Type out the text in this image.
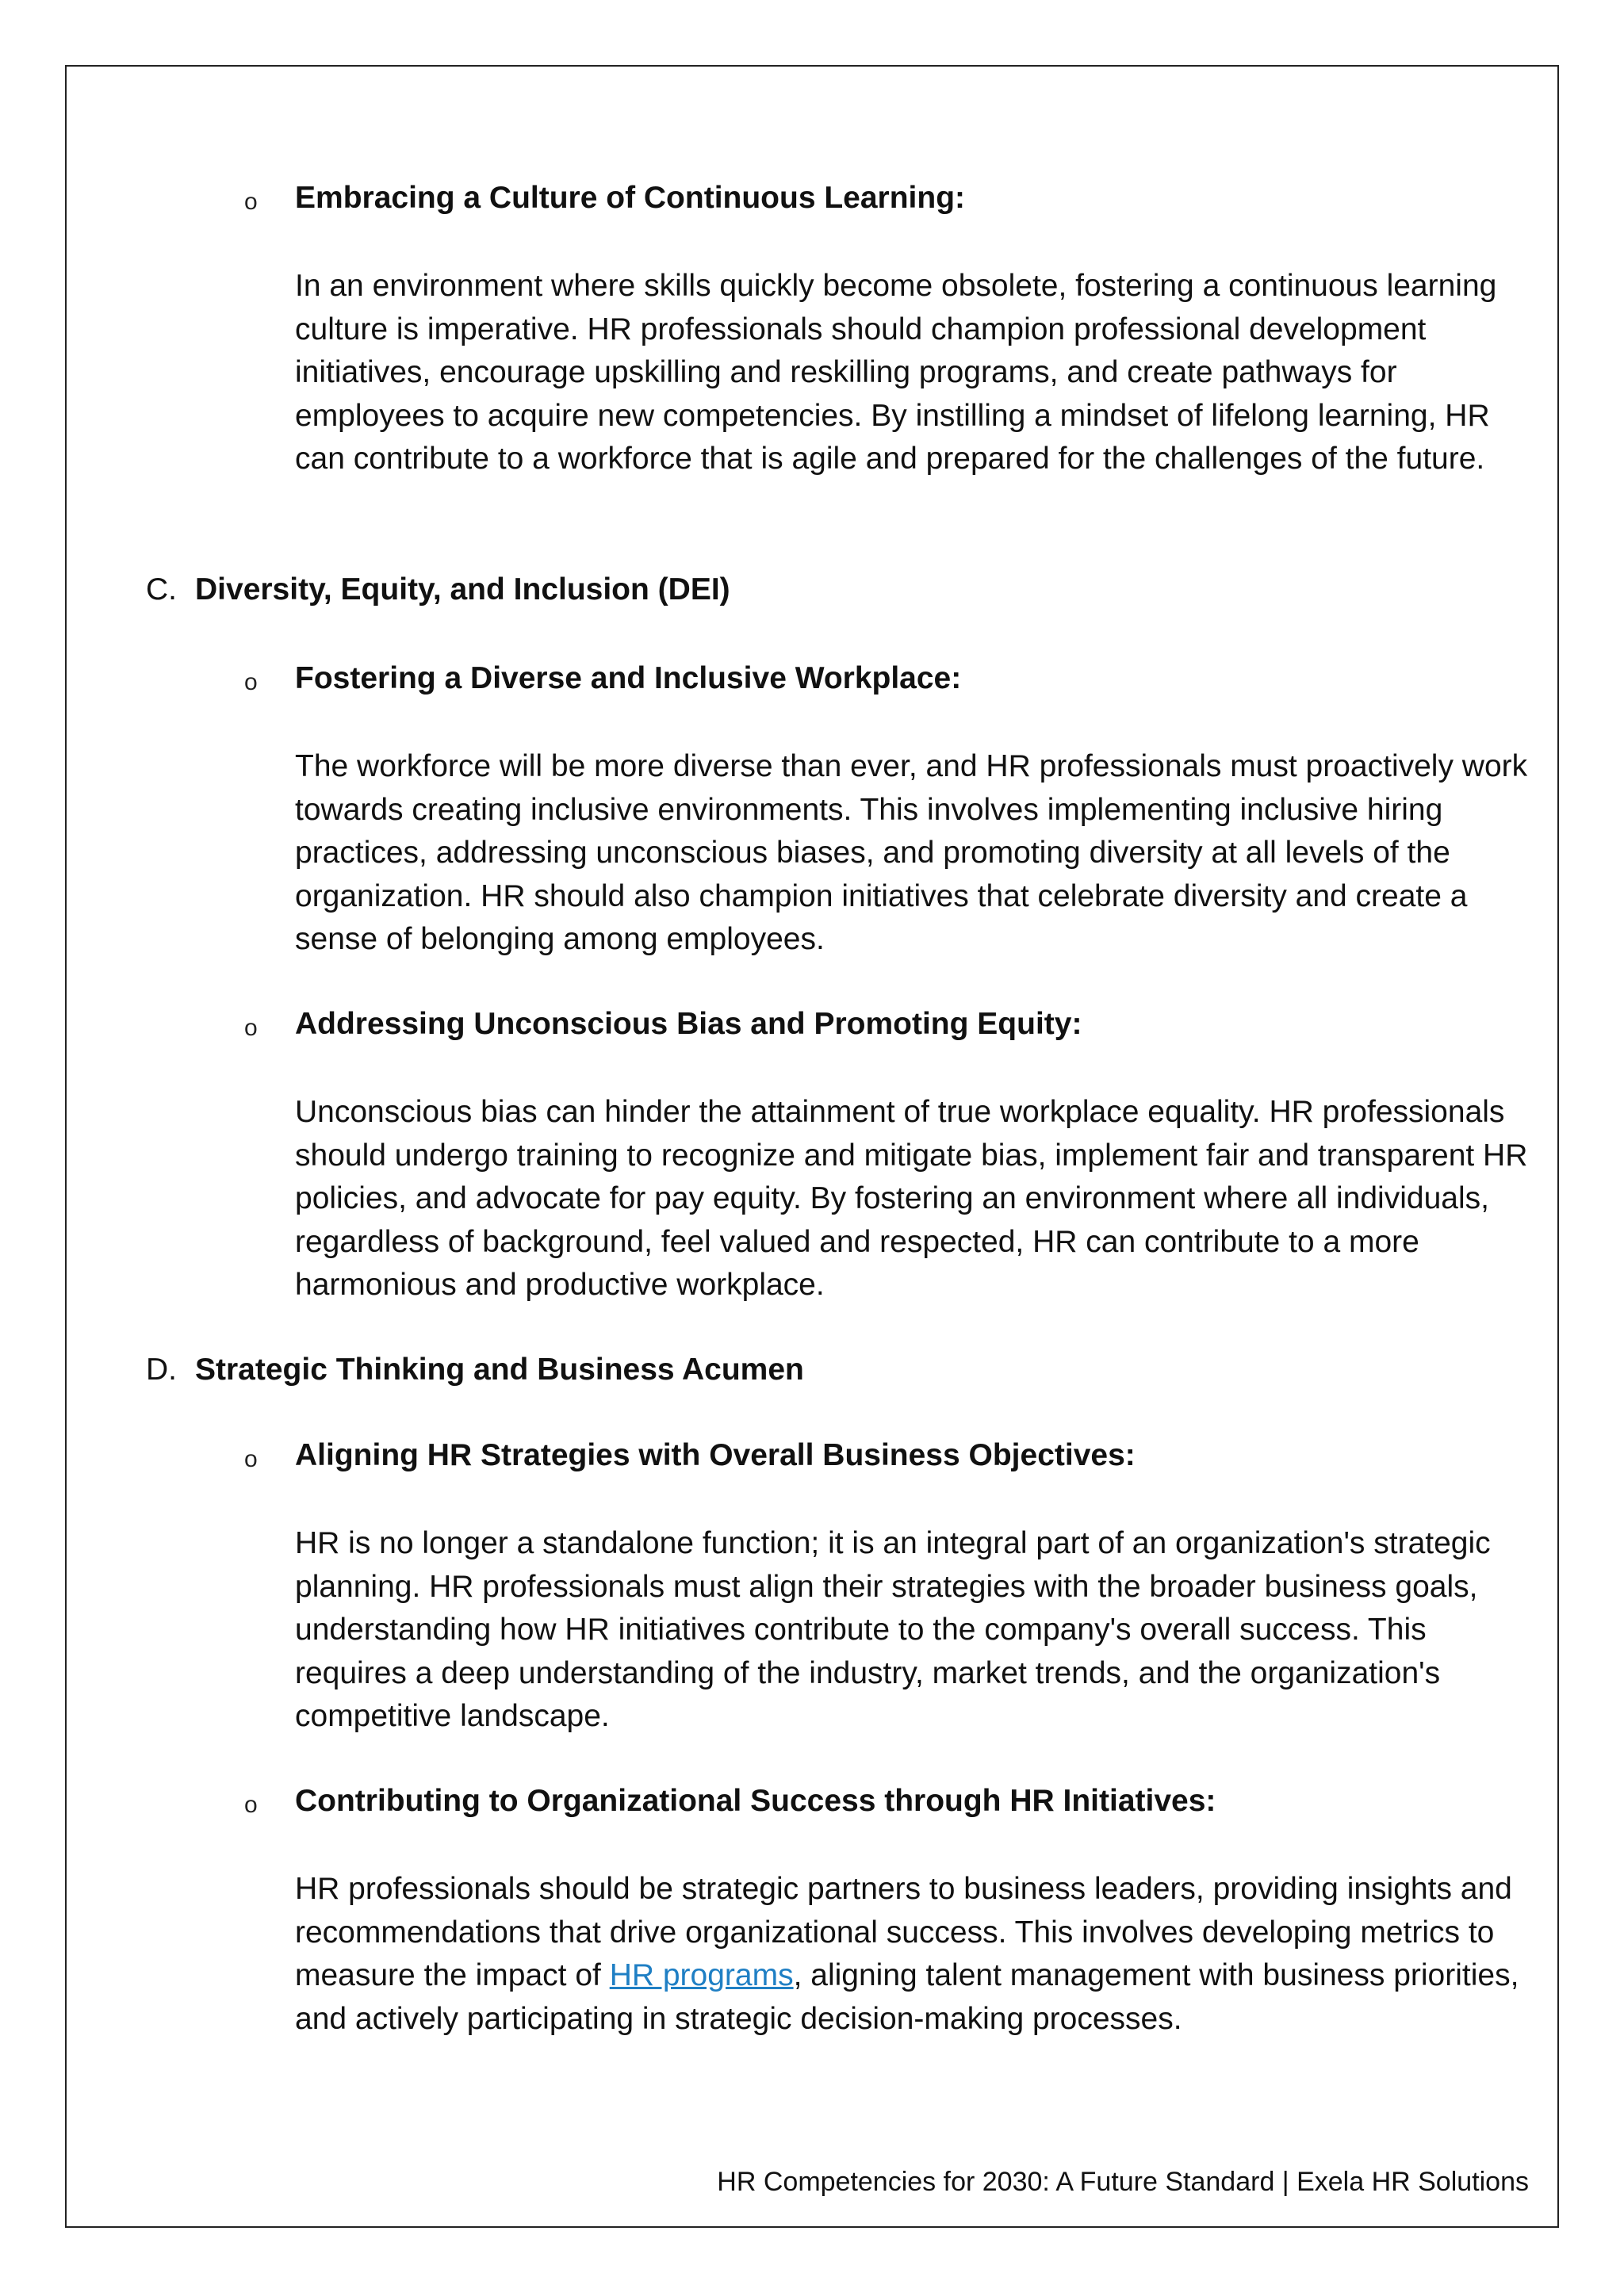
o Embracing a Culture of Continuous Learning:

In an environment where skills quickly become obsolete, fostering a continuous learning culture is imperative. HR professionals should champion professional development initiatives, encourage upskilling and reskilling programs, and create pathways for employees to acquire new competencies. By instilling a mindset of lifelong learning, HR can contribute to a workforce that is agile and prepared for the challenges of the future.

C. Diversity, Equity, and Inclusion (DEI)
o Fostering a Diverse and Inclusive Workplace:

The workforce will be more diverse than ever, and HR professionals must proactively work towards creating inclusive environments. This involves implementing inclusive hiring practices, addressing unconscious biases, and promoting diversity at all levels of the organization. HR should also champion initiatives that celebrate diversity and create a sense of belonging among employees.

o Addressing Unconscious Bias and Promoting Equity:

Unconscious bias can hinder the attainment of true workplace equality. HR professionals should undergo training to recognize and mitigate bias, implement fair and transparent HR policies, and advocate for pay equity. By fostering an environment where all individuals, regardless of background, feel valued and respected, HR can contribute to a more harmonious and productive workplace.

D. Strategic Thinking and Business Acumen
o Aligning HR Strategies with Overall Business Objectives:

HR is no longer a standalone function; it is an integral part of an organization's strategic planning. HR professionals must align their strategies with the broader business goals, understanding how HR initiatives contribute to the company's overall success. This requires a deep understanding of the industry, market trends, and the organization's competitive landscape.

o Contributing to Organizational Success through HR Initiatives:

HR professionals should be strategic partners to business leaders, providing insights and recommendations that drive organizational success. This involves developing metrics to measure the impact of HR programs, aligning talent management with business priorities, and actively participating in strategic decision-making processes.

HR Competencies for 2030: A Future Standard | Exela HR Solutions
